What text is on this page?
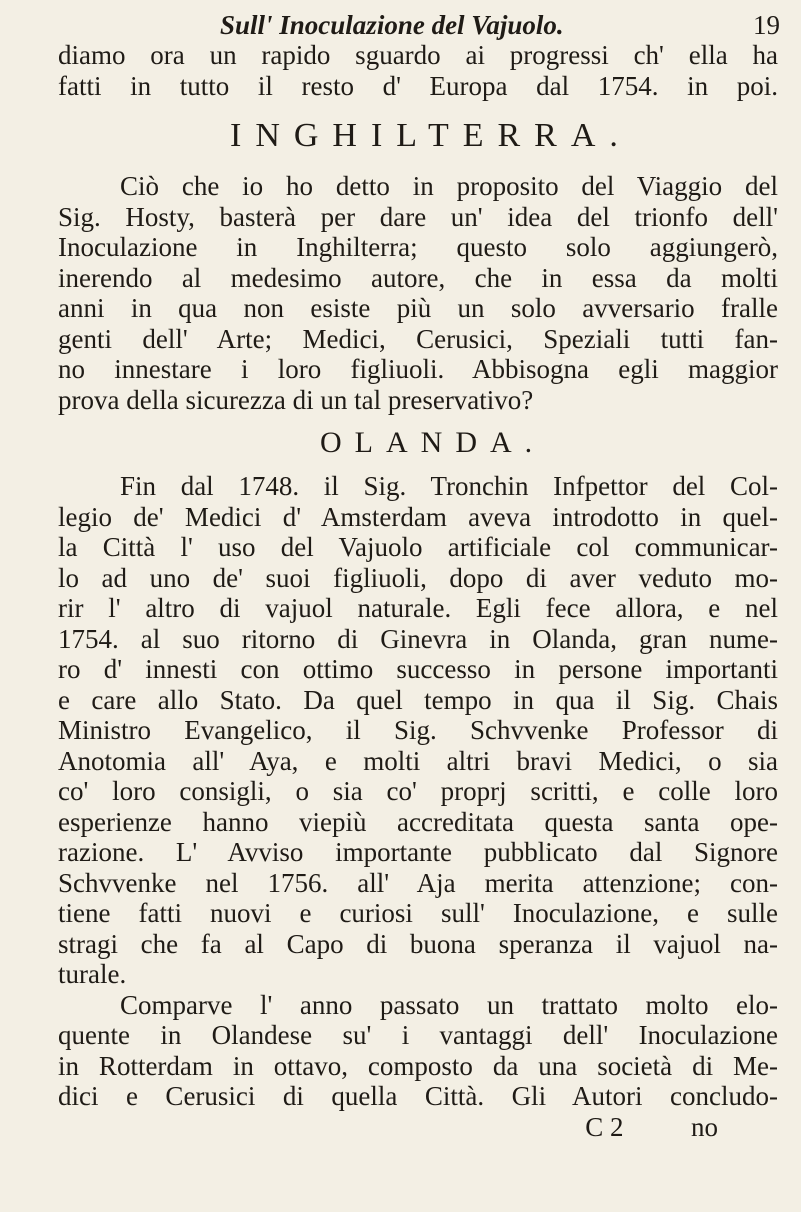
Sull' Inoculazione del Vajuolo.	19
diamo ora un rapido sguardo ai progressi ch' ella ha
fatti in tutto il resto d' Europa dal 1754. in poi.
INGHILTERRA.
Ciò che io ho detto in proposito del Viaggio del
Sig. Hosty, basterà per dare un' idea del trionfo dell'
Inoculazione in Inghilterra; questo solo aggiungerò,
inerendo al medesimo autore, che in essa da molti
anni in qua non esiste più un solo avversario fralle
genti dell' Arte; Medici, Cerusici, Speziali tutti fan-
no innestare i loro figliuoli. Abbisogna egli maggior
prova della sicurezza di un tal preservativo?
OLANDA.
Fin dal 1748. il Sig. Tronchin Infpettor del Col-
legio de' Medici d' Amsterdam aveva introdotto in quel-
la Città l' uso del Vajuolo artificiale col communicar-
lo ad uno de' suoi figliuoli, dopo di aver veduto mo-
rir l' altro di vajuol naturale. Egli fece allora, e nel
1754. al suo ritorno di Ginevra in Olanda, gran nume-
ro d' innesti con ottimo successo in persone importanti
e care allo Stato. Da quel tempo in qua il Sig. Chais
Ministro Evangelico, il Sig. Schvvenke Professor di
Anotomia all' Aya, e molti altri bravi Medici, o sia
co' loro consigli, o sia co' proprj scritti, e colle loro
esperienze hanno viepiù accreditata questa santa ope-
razione. L' Avviso importante pubblicato dal Signore
Schvvenke nel 1756. all' Aja merita attenzione; con-
tiene fatti nuovi e curiosi sull' Inoculazione, e sulle
stragi che fa al Capo di buona speranza il vajuol na-
turale.
Comparve l' anno passato un trattato molto elo-
quente in Olandese su' i vantaggi dell' Inoculazione
in Rotterdam in ottavo, composto da una società di Me-
dici e Cerusici di quella Città. Gli Autori concludo-
C 2          no
